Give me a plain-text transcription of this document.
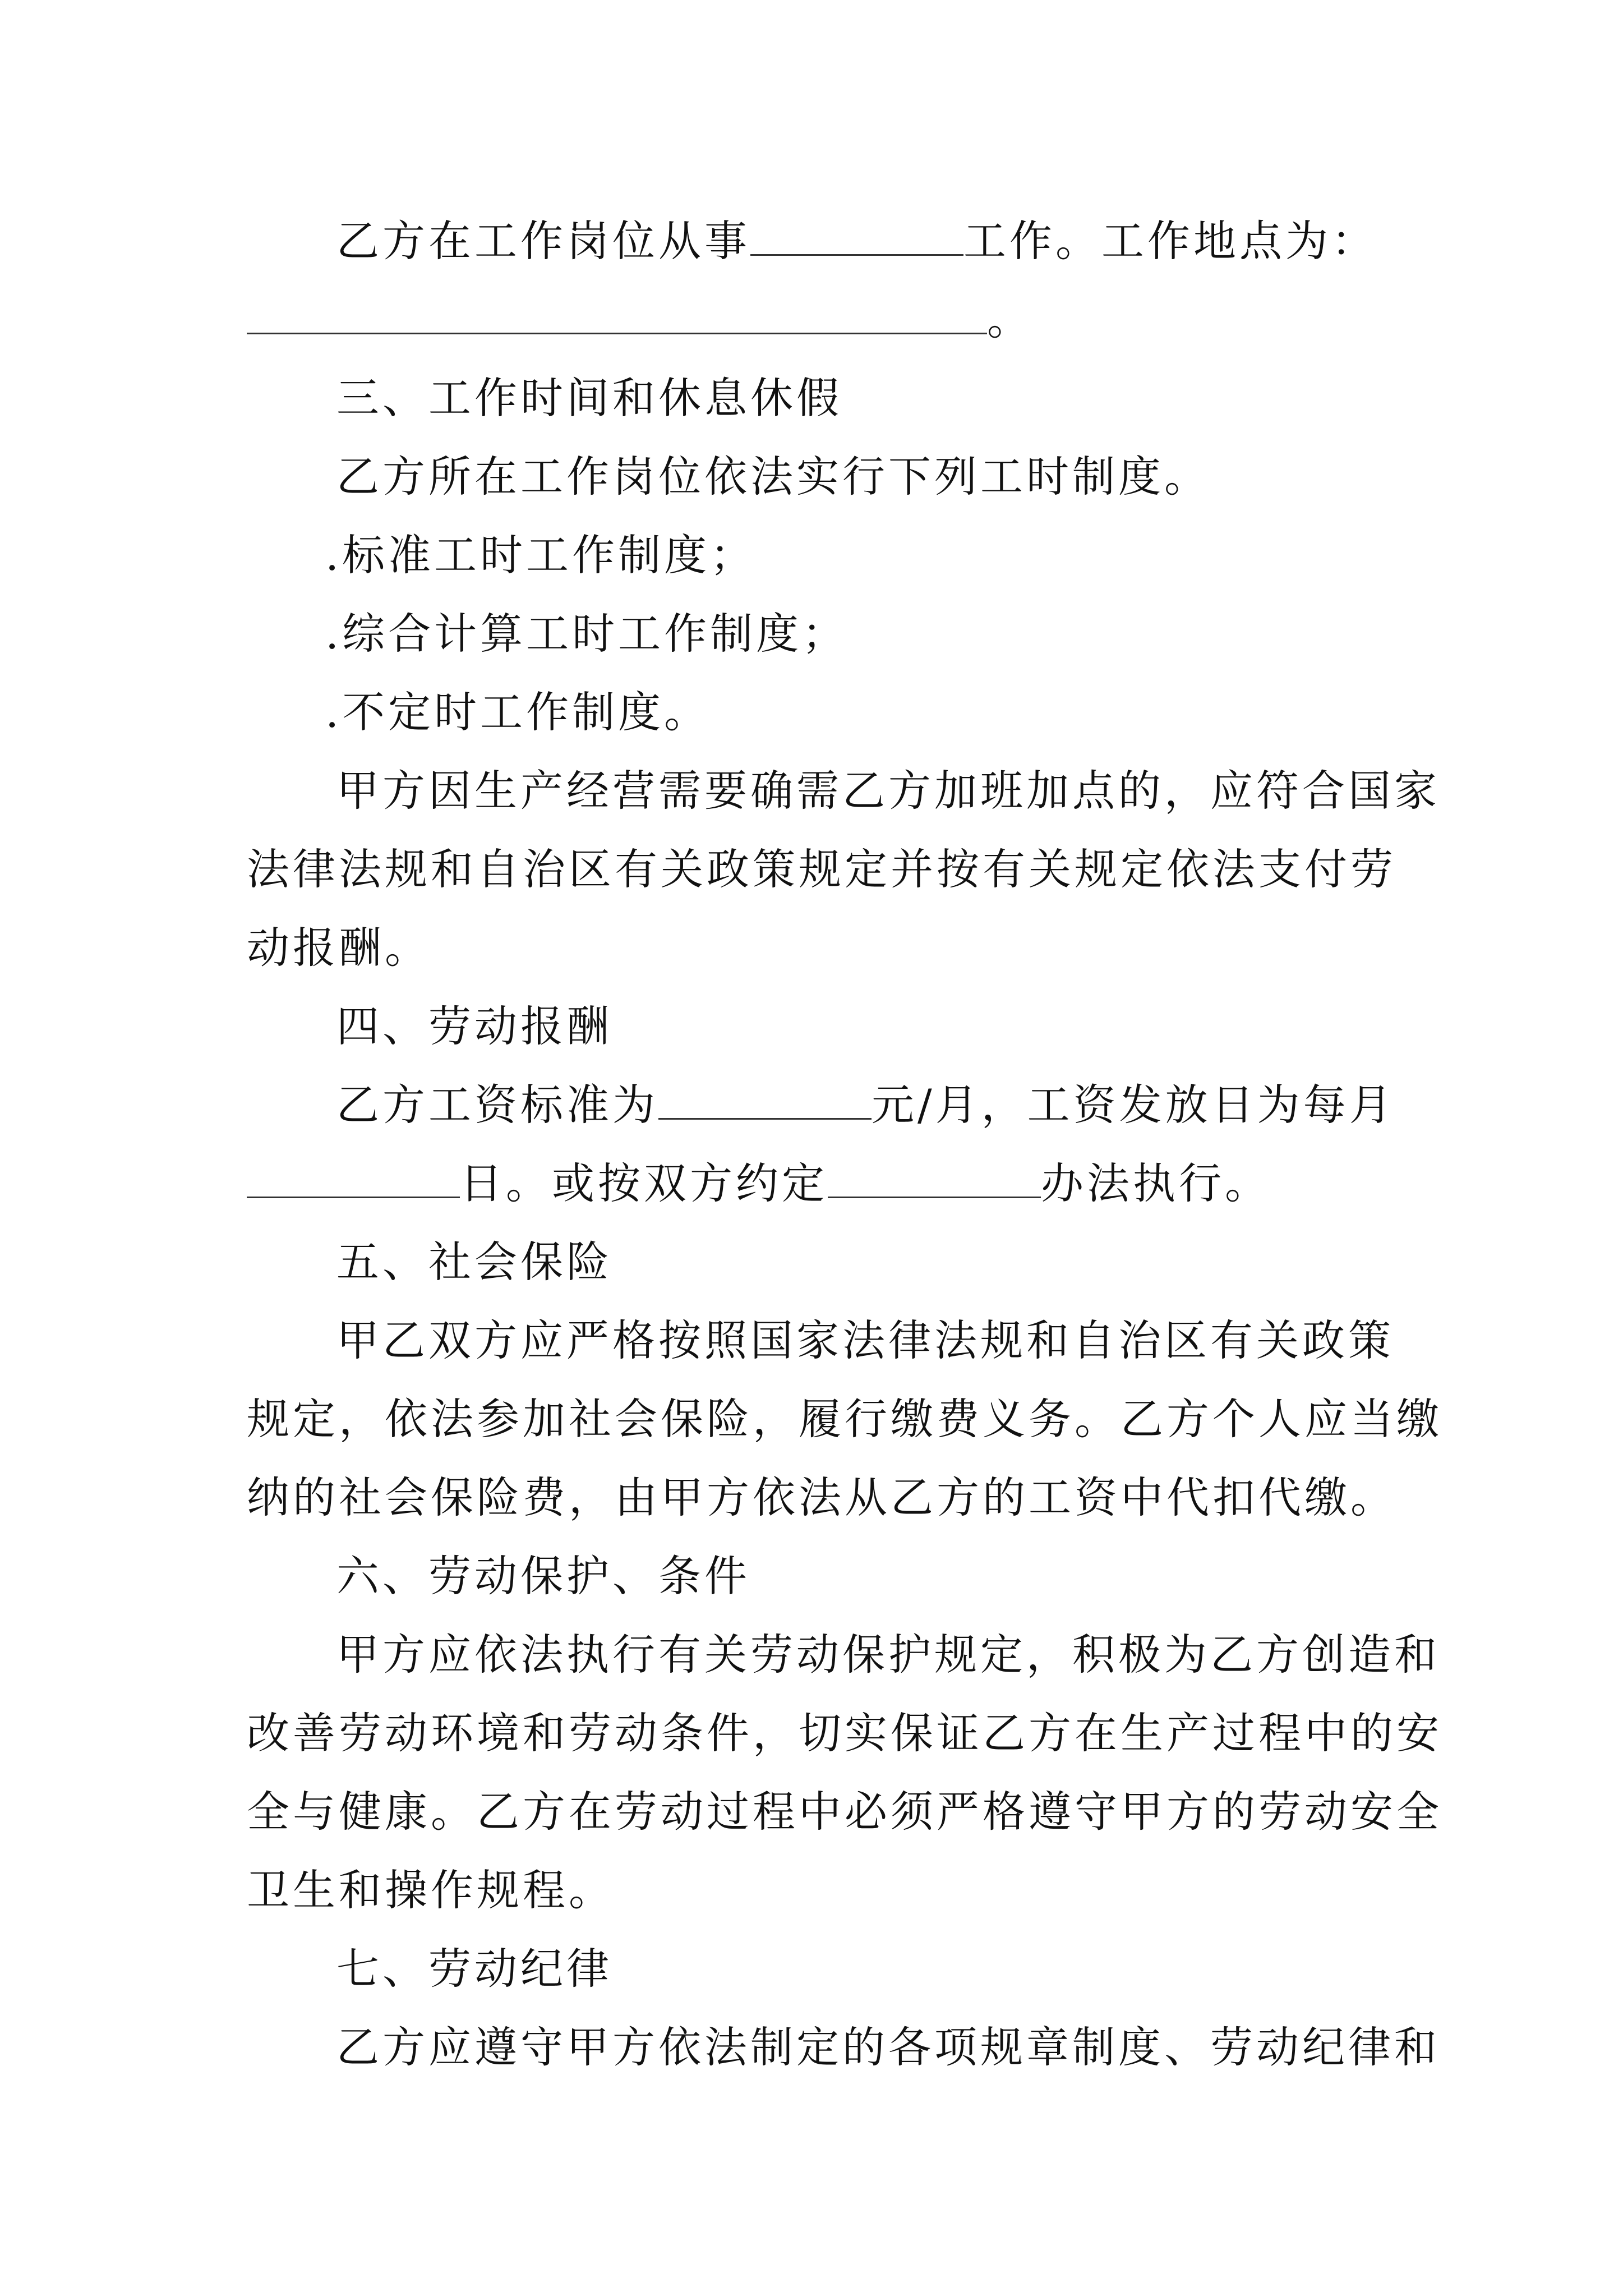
乙方在工作岗位从事	工作。工作地点为：
。
三、工作时间和休息休假
乙方所在工作岗位依法实行下列工时制度。
.标准工时工作制度；
.综合计算工时工作制度；
.不定时工作制度。
甲方因生产经营需要确需乙方加班加点的，应符合国家
法律法规和自治区有关政策规定并按有关规定依法支付劳
动报酬。
四、劳动报酬
乙方工资标准为	元/月，工资发放日为每月
日。或按双方约定	办法执行。
五、社会保险
甲乙双方应严格按照国家法律法规和自治区有关政策
规定，依法参加社会保险，履行缴费义务。乙方个人应当缴
纳的社会保险费，由甲方依法从乙方的工资中代扣代缴。
六、劳动保护、条件
甲方应依法执行有关劳动保护规定，积极为乙方创造和
改善劳动环境和劳动条件，切实保证乙方在生产过程中的安
全与健康。乙方在劳动过程中必须严格遵守甲方的劳动安全
卫生和操作规程。
七、劳动纪律
乙方应遵守甲方依法制定的各项规章制度、劳动纪律和
